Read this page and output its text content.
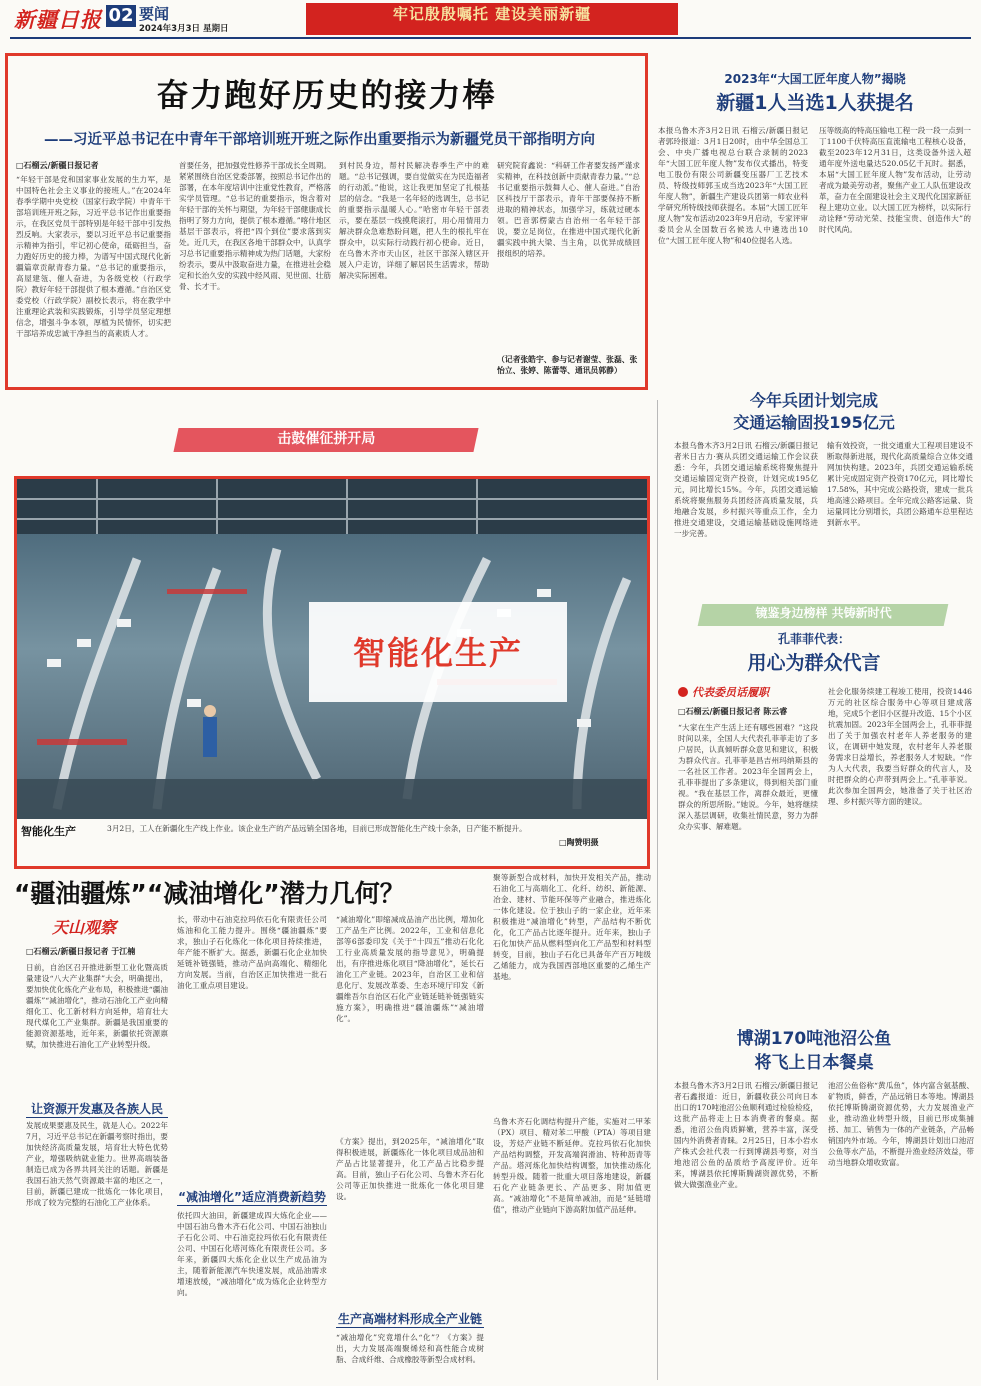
新疆日报 02 要闻
2024年3月3日 星期日
牢记殷殷嘱托 建设美丽新疆
奋力跑好历史的接力棒
——习近平总书记在中青年干部培训班开班之际作出重要指示为新疆党员干部指明方向
□石榴云/新疆日报记者
“年轻干部是党和国家事业发展的生力军，是中国特色社会主义事业的接班人。”在2024年春季学期中央党校（国家行政学院）中青年干部培训班开班之际，习近平总书记作出重要指示，在我区党员干部特别是年轻干部中引发热烈反响。大家表示，要以习近平总书记重要指示精神为指引，牢记初心使命，砥砺担当，奋力跑好历史的接力棒，为谱写中国式现代化新疆篇章贡献青春力量。“总书记的重要指示，高屋建瓴、催人奋进，为各级党校（行政学院）教好年轻干部提供了根本遵循。”自治区党委党校（行政学院）副校长表示，将在教学中注重理论武装和实践锻炼，引导学员坚定理想信念，增强斗争本领，厚植为民情怀，切实把干部培养成忠诚干净担当的高素质人才。
首要任务，把加强党性修养干部成长全周期。紧紧围绕自治区党委部署，按照总书记作出的部署，在本年度培训中注重党性教育，严格落实学员管理。“总书记的重要指示，饱含着对年轻干部的关怀与期望，为年轻干部健康成长指明了努力方向，提供了根本遵循。”喀什地区基层干部表示，将把“四个到位”要求落到实处。近几天，在我区各地干部群众中，认真学习总书记重要指示精神成为热门话题，大家纷纷表示，要从中汲取奋进力量，在推进社会稳定和长治久安的实践中经风雨、见世面、壮筋骨、长才干。
到村民身边，帮村民解决春季生产中的难题。“总书记强调，要自觉做实在为民造福者的行动派。”他说，这让我更加坚定了扎根基层的信念。“我是一名年轻的选调生，总书记的重要指示温暖人心。”哈密市年轻干部表示，要在基层一线摸爬滚打，用心用情用力解决群众急难愁盼问题，把人生的根扎牢在群众中，以实际行动践行初心使命。近日，在乌鲁木齐市天山区，社区干部深入辖区开展入户走访，详细了解居民生活需求，帮助解决实际困难。
研究院育鑫说：“科研工作者要发扬严谨求实精神，在科技创新中贡献青春力量。”“总书记重要指示鼓舞人心、催人奋进。”自治区科技厅干部表示，青年干部要保持不断进取的精神状态，加强学习，练就过硬本领。巴音郭楞蒙古自治州一名年轻干部说，要立足岗位，在推进中国式现代化新疆实践中挑大梁、当主角，以优异成绩回报组织的培养。
（记者张皓宇、参与记者谢莹、张磊、张怡立、张婷、陈蕾等、通讯员郭静）
2023年“大国工匠年度人物”揭晓
新疆1人当选1人获提名
本报乌鲁木齐3月2日讯 石榴云/新疆日报记者郭玲报道：3月1日20时，由中华全国总工会、中央广播电视总台联合录制的2023年“大国工匠年度人物”发布仪式播出，特变电工股份有限公司新疆变压器厂工艺技术员、特级技师郭玉成当选2023年“大国工匠年度人物”，新疆生产建设兵团第一师农业科学研究所特级技师获提名。本届“大国工匠年度人物”发布活动2023年9月启动，专家评审委员会从全国数百名候选人中遴选出10位“大国工匠年度人物”和40位提名人选。
压等级高的特高压输电工程一段一段一点到一丁1100千伏特高压直流输电工程核心设备，截至2023年12月31日，这类设备外送入超通年度外送电量达520.05亿千瓦时。据悉，本届“大国工匠年度人物”发布活动，让劳动者成为最美劳动者，聚焦产业工人队伍建设改革，奋力在全面建设社会主义现代化国家新征程上建功立业。以大国工匠为榜样，以实际行动诠释“劳动光荣、技能宝贵、创造伟大”的时代风尚。
击鼓催征拼开局
智能化生产
智能化生产	3月2日，工人在新疆化生产线上作业。该企业生产的产品远销全国各地，目前已形成智能化生产线十余条，日产能不断提升。
□陶赞明摄
今年兵团计划完成
交通运输固投195亿元
本报乌鲁木齐3月2日讯 石榴云/新疆日报记者米日古力·赛从兵团交通运输工作会议获悉：今年，兵团交通运输系统将聚焦提升交通运输固定资产投资，计划完成195亿元，同比增长15%。今年，兵团交通运输系统将聚焦服务兵团经济高质量发展，兵地融合发展，乡村振兴等重点工作，全力推进交通建设，交通运输基础设施网络进一步完善。
输有效投资，一批交通重大工程项目建设不断取得新进展，现代化高质量综合立体交通网加快构建。2023年，兵团交通运输系统累计完成固定资产投资170亿元，同比增长17.58%，其中完成公路投资，建成一批兵地高速公路项目。全年完成公路客运量、货运量同比分别增长，兵团公路通车总里程达到新水平。
镜鉴身边榜样 共铸新时代
孔菲菲代表：
用心为群众代言
代表委员话履职
□石榴云/新疆日报记者 陈云睿
“大家在生产生活上还有哪些困难？”这段时间以来，全国人大代表孔菲菲走访了多户居民，认真倾听群众意见和建议，积极为群众代言。孔菲菲是昌吉州玛纳斯县的一名社区工作者。2023年全国两会上，孔菲菲提出了多条建议，得到相关部门重视。“我在基层工作，离群众最近，更懂群众的所思所盼。”她说。今年，她将继续深入基层调研，收集社情民意，努力为群众办实事、解难题。
社会化服务续建工程竣工使用，投资1446万元的社区综合服务中心等项目建成落地，完成5个老旧小区提升改造、15个小区抗震加固。2023年全国两会上，孔菲菲提出了关于加强农村老年人养老服务的建议，在调研中她发现，农村老年人养老服务需求日益增长，养老服务人才短缺。“作为人大代表，我要当好群众的代言人，及时把群众的心声带到两会上。”孔菲菲说。此次参加全国两会，她准备了关于社区治理、乡村振兴等方面的建议。
“疆油疆炼”“减油增化”潜力几何？
天山观察
□石榴云/新疆日报记者 于江楠
日前，自治区召开推进新型工业化暨高质量建设“八大产业集群”大会，明确提出，要加快优化炼化产业布局，积极推进“疆油疆炼”“减油增化”，推动石油化工产业向精细化工、化工新材料方向延伸，培育壮大现代煤化工产业集群。新疆是我国重要的能源资源基地，近年来，新疆依托资源禀赋，加快推进石油化工产业转型升级。
让资源开发惠及各族人民
发展成果要惠及民生，就是人心。2022年7月，习近平总书记在新疆考察时指出，要加快经济高质量发展，培育壮大特色优势产业，增强吸纳就业能力。世界高端装备制造已成为各界共同关注的话题。新疆是我国石油天然气资源最丰富的地区之一，目前，新疆已建成一批炼化一体化项目，形成了较为完整的石油化工产业体系。
长，带动中石油克拉玛依石化有限责任公司炼油和化工能力提升。围绕“疆油疆炼”要求，独山子石化炼化一体化项目持续推进，年产能不断扩大。据悉，新疆石化企业加快延链补链强链，推动产品向高端化、精细化方向发展。当前，自治区正加快推进一批石油化工重点项目建设。
“减油增化”适应消费新趋势
依托四大油田，新疆建成四大炼化企业——中国石油乌鲁木齐石化公司、中国石油独山子石化公司、中石油克拉玛依石化有限责任公司、中国石化塔河炼化有限责任公司。多年来，新疆四大炼化企业以生产成品油为主，随着新能源汽车快速发展，成品油需求增速放缓，“减油增化”成为炼化企业转型方向。
“减油增化”即缩减成品油产出比例，增加化工产品生产比例。2022年，工业和信息化部等6部委印发《关于“十四五”推动石化化工行业高质量发展的指导意见》，明确提出，有序推进炼化项目“降油增化”，延长石油化工产业链。2023年，自治区工业和信息化厅、发展改革委、生态环境厅印发《新疆维吾尔自治区石化产业链延链补链强链实施方案》，明确推进“疆油疆炼”“减油增化”。
《方案》提出，到2025年，“减油增化”取得积极进展，新疆炼化一体化项目成品油和产品占比显著提升，化工产品占比稳步提高。目前，独山子石化公司、乌鲁木齐石化公司等正加快推进一批炼化一体化项目建设。
生产高端材料形成全产业链
“减油增化”究竟增什么“化”？《方案》提出，大力发展高端聚烯烃和高性能合成树脂、合成纤维、合成橡胶等新型合成材料。
聚等新型合成材料，加快开发相关产品，推动石油化工与高端化工、化纤、纺织、新能源、冶金、建材、节能环保等产业融合，推进炼化一体化建设。位于独山子的一家企业，近年来积极推进“减油增化”转型，产品结构不断优化，化工产品占比逐年提升。近年来，独山子石化加快产品从燃料型向化工产品型和材料型转变，目前，独山子石化已具备年产百万吨级乙烯能力，成为我国西部地区重要的乙烯生产基地。
乌鲁木齐石化调结构提升产能，实施对二甲苯（PX）项目、精对苯二甲酸（PTA）等项目建设，芳烃产业链不断延伸。克拉玛依石化加快产品结构调整，开发高端润滑油、特种沥青等产品。塔河炼化加快结构调整，加快推动炼化转型升级。随着一批重大项目落地建设，新疆石化产业链条更长、产品更多、附加值更高。“减油增化”不是简单减油，而是“延链增值”，推动产业链向下游高附加值产品延伸。
博湖170吨池沼公鱼
将飞上日本餐桌
本报乌鲁木齐3月2日讯 石榴云/新疆日报记者石鑫报道：近日，新疆收获公司向日本出口的170吨池沼公鱼顺利通过检验检疫，这批产品将走上日本消费者的餐桌。据悉，池沼公鱼肉质鲜嫩，营养丰富，深受国内外消费者青睐。2月25日，日本小岩水产株式会社代表一行到博湖县考察，对当地池沼公鱼的品质给予高度评价。近年来，博湖县依托博斯腾湖资源优势，不断做大做强渔业产业。
池沼公鱼俗称“黄瓜鱼”，体内富含氨基酸、矿物质，鲜香，产品远销日本等地。博湖县依托博斯腾湖资源优势，大力发展渔业产业，推动渔业转型升级，目前已形成集捕捞、加工、销售为一体的产业链条，产品畅销国内外市场。今年，博湖县计划出口池沼公鱼等水产品，不断提升渔业经济效益，带动当地群众增收致富。
